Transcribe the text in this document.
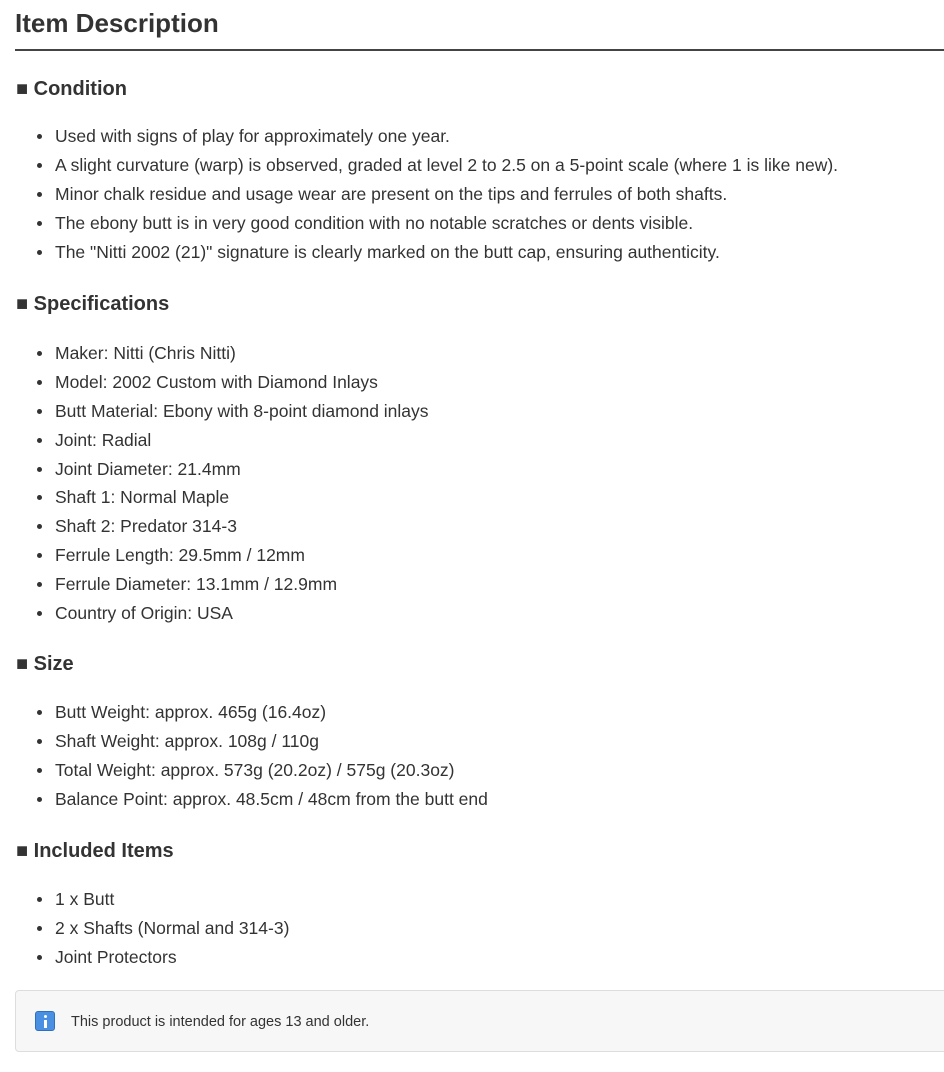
Item Description
■ Condition
Used with signs of play for approximately one year.
A slight curvature (warp) is observed, graded at level 2 to 2.5 on a 5-point scale (where 1 is like new).
Minor chalk residue and usage wear are present on the tips and ferrules of both shafts.
The ebony butt is in very good condition with no notable scratches or dents visible.
The "Nitti 2002 (21)" signature is clearly marked on the butt cap, ensuring authenticity.
■ Specifications
Maker: Nitti (Chris Nitti)
Model: 2002 Custom with Diamond Inlays
Butt Material: Ebony with 8-point diamond inlays
Joint: Radial
Joint Diameter: 21.4mm
Shaft 1: Normal Maple
Shaft 2: Predator 314-3
Ferrule Length: 29.5mm / 12mm
Ferrule Diameter: 13.1mm / 12.9mm
Country of Origin: USA
■ Size
Butt Weight: approx. 465g (16.4oz)
Shaft Weight: approx. 108g / 110g
Total Weight: approx. 573g (20.2oz) / 575g (20.3oz)
Balance Point: approx. 48.5cm / 48cm from the butt end
■ Included Items
1 x Butt
2 x Shafts (Normal and 314-3)
Joint Protectors
This product is intended for ages 13 and older.
